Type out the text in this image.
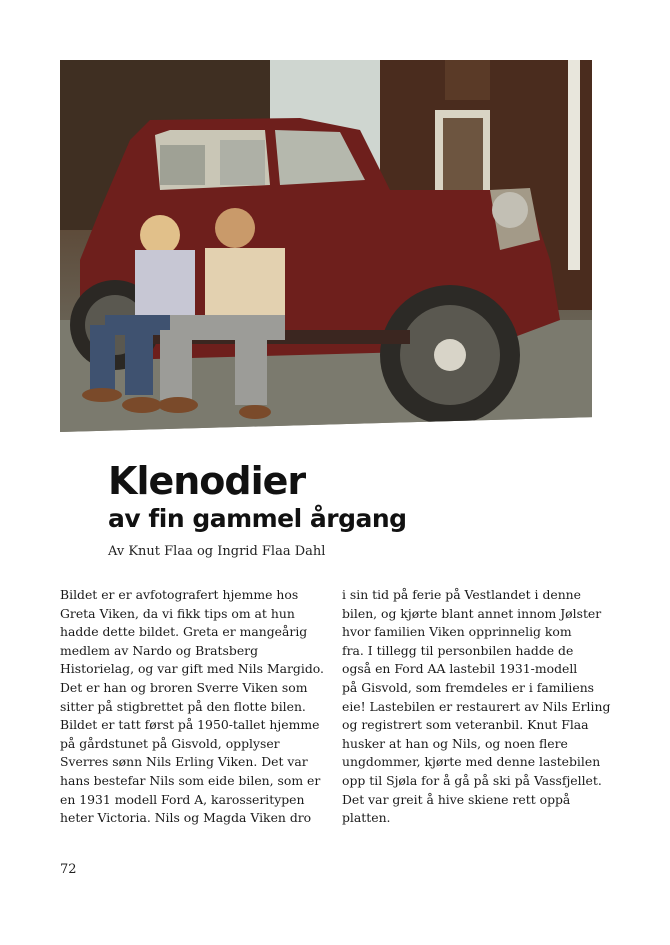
Klenodier
av fin gammel årgang
Av Knut Flaa og Ingrid Flaa Dahl
Bildet er er avfotografert hjemme hos
Greta Viken, da vi fikk tips om at hun
hadde dette bildet. Greta er mangeårig
medlem av Nardo og Bratsberg
Historielag, og var gift med Nils Margido.
Det er han og broren Sverre Viken som
sitter på stigbrettet på den flotte bilen.
Bildet er tatt først på 1950-tallet hjemme
på gårdstunet på Gisvold, opplyser
Sverres sønn Nils Erling Viken. Det var
hans bestefar Nils som eide bilen, som er
en 1931 modell Ford A, karosseritypen
heter Victoria. Nils og Magda Viken dro
i sin tid på ferie på Vestlandet i denne
bilen, og kjørte blant annet innom Jølster
hvor familien Viken opprinnelig kom
fra. I tillegg til personbilen hadde de
også en Ford AA lastebil 1931-modell
på Gisvold, som fremdeles er i familiens
eie! Lastebilen er restaurert av Nils Erling
og registrert som veteranbil. Knut Flaa
husker at han og Nils, og noen flere
ungdommer, kjørte med denne lastebilen
opp til Sjøla for å gå på ski på Vassfjellet.
Det var greit å hive skiene rett oppå
platten.
72
